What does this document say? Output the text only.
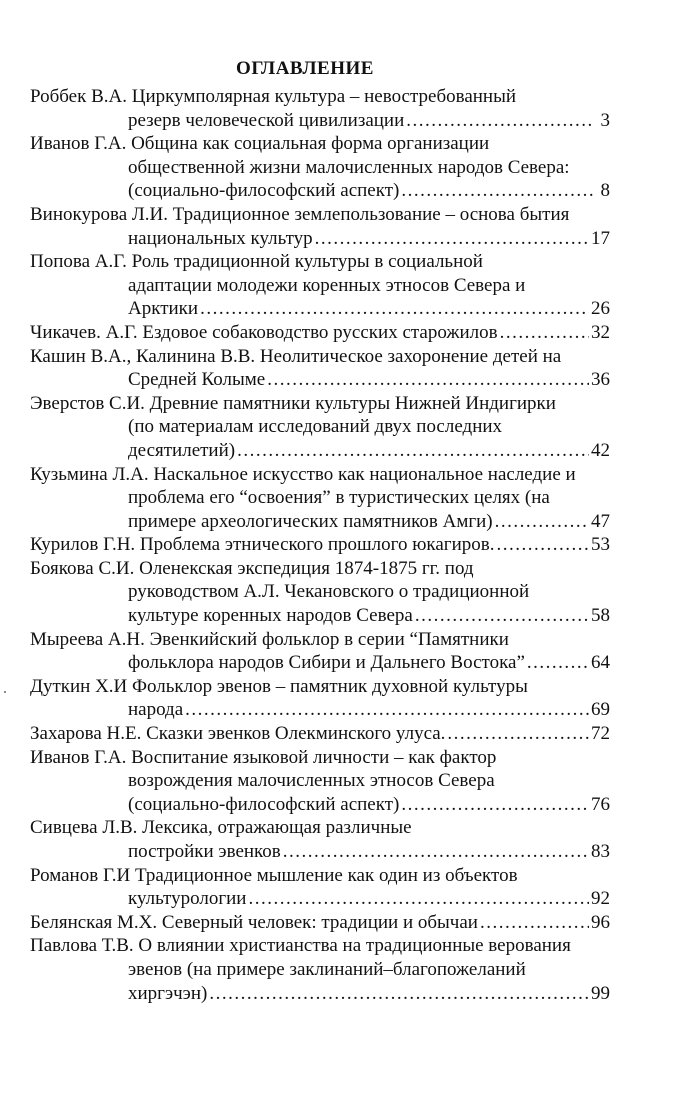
ОГЛАВЛЕНИЕ
Роббек В.А. Циркумполярная культура – невостребованный
резерв человеческой цивилизации .....	3
Иванов Г.А. Община как социальная форма организации
общественной жизни малочисленных народов Севера:
(социально-философский аспект) .....	8
Винокурова Л.И. Традиционное землепользование – основа бытия
национальных культур .....	17
Попова А.Г. Роль традиционной культуры в социальной
адаптации молодежи коренных этносов Севера и
Арктики .....	26
Чикачев. А.Г. Ездовое собаководство русских старожилов .....	32
Кашин В.А., Калинина В.В. Неолитическое захоронение детей на
Средней Колыме .....	36
Эверстов С.И. Древние памятники культуры Нижней Индигирки
(по материалам исследований двух последних
десятилетий) .....	42
Кузьмина Л.А. Наскальное искусство как национальное наследие и
проблема его “освоения” в туристических целях (на
примере археологических памятников Амги) .....	47
Курилов Г.Н. Проблема этнического прошлого юкагиров. .....	53
Боякова С.И. Оленекская экспедиция 1874-1875 гг. под
руководством А.Л. Чекановского о традиционной
культуре коренных народов Севера .....	58
Мыреева А.Н. Эвенкийский фольклор в серии “Памятники
фольклора народов Сибири и Дальнего Востока” .....	64
Дуткин Х.И Фольклор эвенов – памятник духовной культуры
народа .....	69
Захарова Н.Е. Сказки эвенков Олекминского улуса. .....	72
Иванов Г.А. Воспитание языковой личности – как фактор
возрождения малочисленных этносов Севера
(социально-философский аспект) .....	76
Сивцева Л.В. Лексика, отражающая различные
постройки эвенков .....	83
Романов Г.И Традиционное мышление как один из объектов
культурологии .....	92
Белянская М.Х. Северный человек: традиции и обычаи .....	96
Павлова Т.В. О влиянии христианства на традиционные верования
эвенов (на примере заклинаний–благопожеланий
хиргэчэн) .....	99
